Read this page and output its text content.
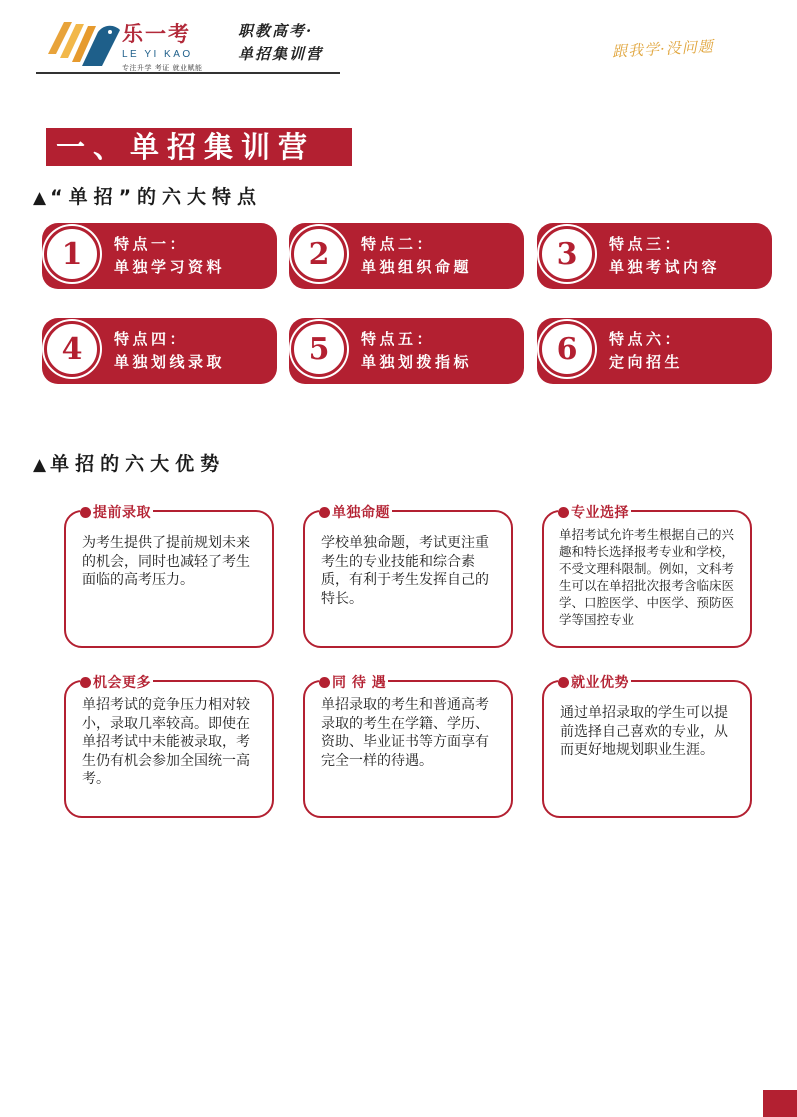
乐一考
LE YI KAO
专注升学 考证 就业赋能
职教高考·
单招集训营	跟我学·没问题
一、单招集训营
▲ “单招”的六大特点
1	特点一：
单独学习资料	2	特点二：
单独组织命题	3	特点三：
单独考试内容
4	特点四：
单独划线录取	5	特点五：
单独划拨指标	6	特点六：
定向招生
▲ 单招的六大优势
提前录取
为考生提供了提前规划未来的机会，同时也减轻了考生面临的高考压力。
单独命题
学校单独命题，考试更注重考生的专业技能和综合素质，有利于考生发挥自己的特长。
专业选择
单招考试允许考生根据自己的兴趣和特长选择报考专业和学校，不受文理科限制。例如，文科考生可以在单招批次报考含临床医学、口腔医学、中医学、预防医学等国控专业
机会更多
单招考试的竞争压力相对较小，录取几率较高。即使在单招考试中未能被录取，考生仍有机会参加全国统一高考。
同 待 遇
单招录取的考生和普通高考录取的考生在学籍、学历、资助、毕业证书等方面享有完全一样的待遇。
就业优势
通过单招录取的学生可以提前选择自己喜欢的专业，从而更好地规划职业生涯。
